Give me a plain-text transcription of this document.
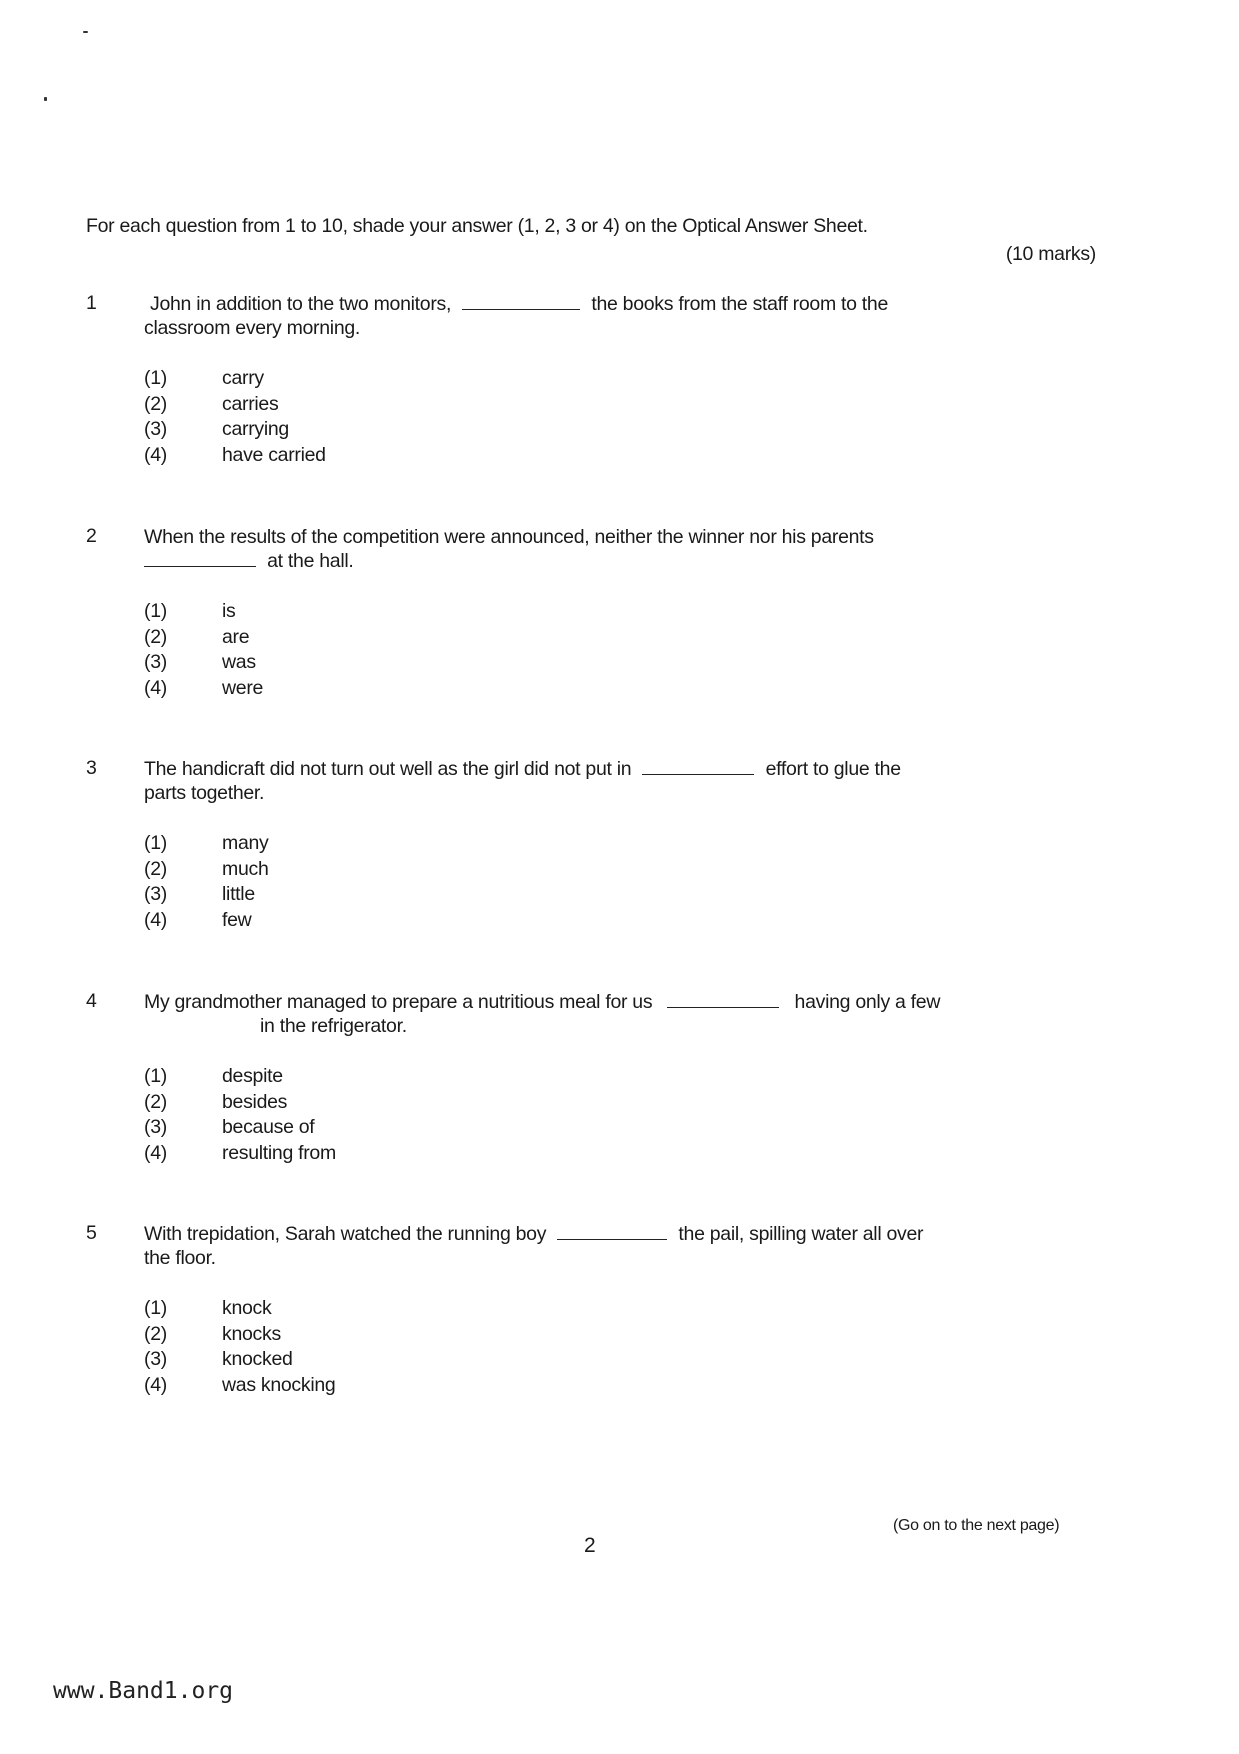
For each question from 1 to 10, shade your answer (1, 2, 3 or 4) on the Optical Answer Sheet.
(10 marks)
1	John in addition to the two monitors,	the books from the staff room to the
classroom every morning.
(1)	carry
(2)	carries
(3)	carrying
(4)	have carried
2 When the results of the competition were announced, neither the winner nor his parents
at the hall.
(1)	is
(2)	are
(3)	was
(4)	were
3 The handicraft did not turn out well as the girl did not put in	effort to glue the
parts together.
(1)	many
(2)	much
(3)	little
(4)	few
4 My grandmother managed to prepare a nutritious meal for us	having only a few
in the refrigerator.
(1)	despite
(2)	besides
(3)	because of
(4)	resulting from
5 With trepidation, Sarah watched the running boy	the pail, spilling water all over
the floor.
(1)	knock
(2)	knocks
(3)	knocked
(4)	was knocking
2
(Go on to the next page)
www.Band1.org
